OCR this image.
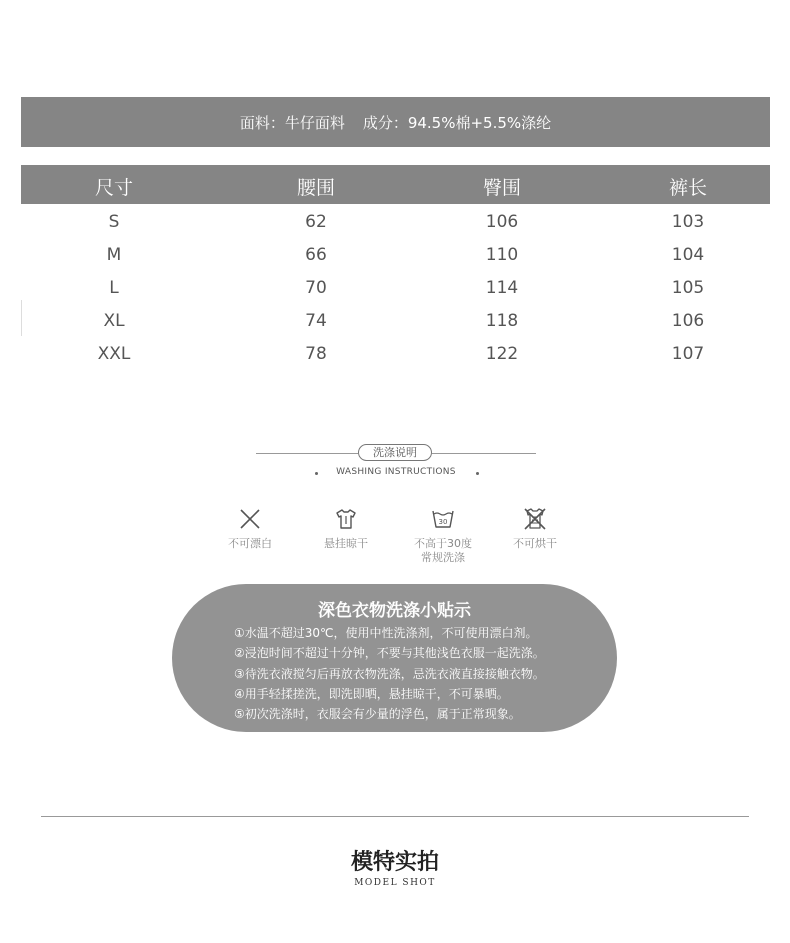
面料：牛仔面料 成分：94.5%棉+5.5%涤纶
尺寸	腰围	臀围	裤长
S	62	106	103
M	66	110	104
L	70	114	105
XL	74	118	106
XXL	78	122	107
洗涤说明
WASHING INSTRUCTIONS
不可漂白	悬挂晾干
30
不高于30度
常规洗涤
不可烘干
深色衣物洗涤小贴示
①水温不超过30℃，使用中性洗涤剂，不可使用漂白剂。
②浸泡时间不超过十分钟，不要与其他浅色衣服一起洗涤。
③待洗衣液搅匀后再放衣物洗涤，忌洗衣液直接接触衣物。
④用手轻揉搓洗，即洗即晒，悬挂晾干，不可暴晒。
⑤初次洗涤时，衣服会有少量的浮色，属于正常现象。
模特实拍
MODEL SHOT
